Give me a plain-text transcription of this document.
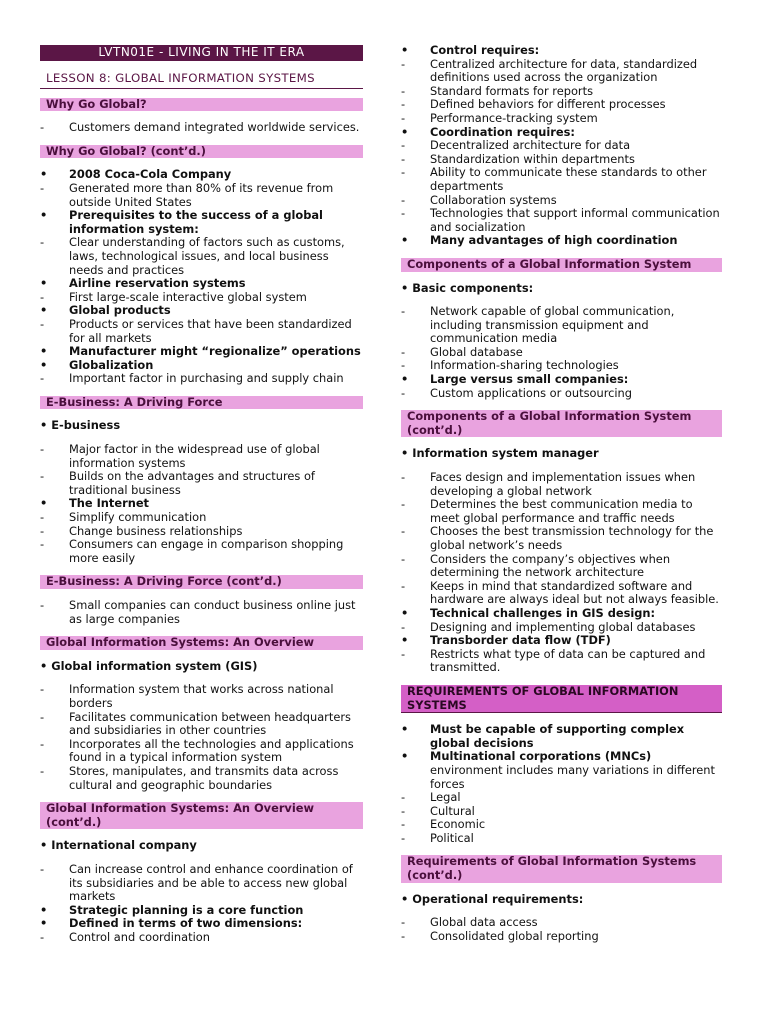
LVTN01E - LIVING IN THE IT ERA
LESSON 8: GLOBAL INFORMATION SYSTEMS
Why Go Global?
-	Customers demand integrated worldwide services.
Why Go Global? (cont’d.)
•	2008 Coca-Cola Company
-	Generated more than 80% of its revenue from outside United States
•	Prerequisites to the success of a global information system:
-	Clear understanding of factors such as customs, laws, technological issues, and local business needs and practices
•	Airline reservation systems
-	First large-scale interactive global system
•	Global products
-	Products or services that have been standardized for all markets
•	Manufacturer might “regionalize” operations
•	Globalization
-	Important factor in purchasing and supply chain
E-Business: A Driving Force
• E-business
-	Major factor in the widespread use of global information systems
-	Builds on the advantages and structures of traditional business
•	The Internet
-	Simplify communication
-	Change business relationships
-	Consumers can engage in comparison shopping more easily
E-Business: A Driving Force (cont’d.)
-	Small companies can conduct business online just as large companies
Global Information Systems: An Overview
• Global information system (GIS)
-	Information system that works across national borders
-	Facilitates communication between headquarters and subsidiaries in other countries
-	Incorporates all the technologies and applications found in a typical information system
-	Stores, manipulates, and transmits data across cultural and geographic boundaries
Global Information Systems: An Overview (cont’d.)
• International company
-	Can increase control and enhance coordination of its subsidiaries and be able to access new global markets
•	Strategic planning is a core function
•	Defined in terms of two dimensions:
-	Control and coordination
•	Control requires:
-	Centralized architecture for data, standardized definitions used across the organization
-	Standard formats for reports
-	Defined behaviors for different processes
-	Performance-tracking system
•	Coordination requires:
-	Decentralized architecture for data
-	Standardization within departments
-	Ability to communicate these standards to other departments
-	Collaboration systems
-	Technologies that support informal communication and socialization
•	Many advantages of high coordination
Components of a Global Information System
• Basic components:
-	Network capable of global communication, including transmission equipment and communication media
-	Global database
-	Information-sharing technologies
•	Large versus small companies:
-	Custom applications or outsourcing
Components of a Global Information System (cont’d.)
• Information system manager
-	Faces design and implementation issues when developing a global network
-	Determines the best communication media to meet global performance and traffic needs
-	Chooses the best transmission technology for the global network’s needs
-	Considers the company’s objectives when determining the network architecture
-	Keeps in mind that standardized software and hardware are always ideal but not always feasible.
•	Technical challenges in GIS design:
-	Designing and implementing global databases
•	Transborder data flow (TDF)
-	Restricts what type of data can be captured and transmitted.
REQUIREMENTS OF GLOBAL INFORMATION SYSTEMS
•	Must be capable of supporting complex global decisions
•	Multinational corporations (MNCs) environment includes many variations in different forces
-	Legal
-	Cultural
-	Economic
-	Political
Requirements of Global Information Systems (cont’d.)
• Operational requirements:
-	Global data access
-	Consolidated global reporting
